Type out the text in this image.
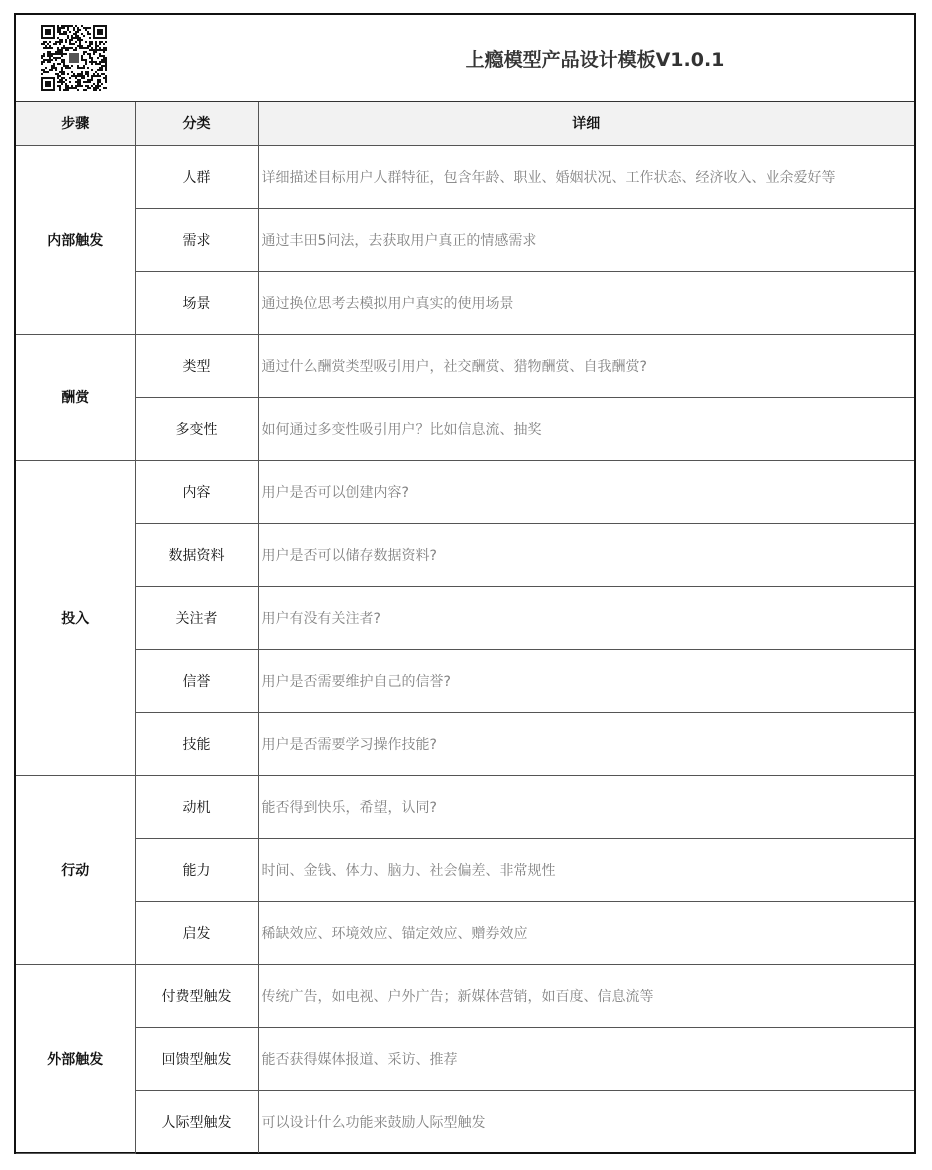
上瘾模型产品设计模板V1.0.1
步骤	分类	详细
内部触发	人群	详细描述目标用户人群特征，包含年龄、职业、婚姻状况、工作状态、经济收入、业余爱好等
	需求	通过丰田5问法，去获取用户真正的情感需求
	场景	通过换位思考去模拟用户真实的使用场景
酬赏	类型	通过什么酬赏类型吸引用户，社交酬赏、猎物酬赏、自我酬赏?
	多变性	如何通过多变性吸引用户？比如信息流、抽奖
投入	内容	用户是否可以创建内容?
	数据资料	用户是否可以储存数据资料?
	关注者	用户有没有关注者?
	信誉	用户是否需要维护自己的信誉?
	技能	用户是否需要学习操作技能?
行动	动机	能否得到快乐，希望，认同?
	能力	时间、金钱、体力、脑力、社会偏差、非常规性
	启发	稀缺效应、环境效应、锚定效应、赠券效应
外部触发	付费型触发	传统广告，如电视、户外广告；新媒体营销，如百度、信息流等
	回馈型触发	能否获得媒体报道、采访、推荐
	人际型触发	可以设计什么功能来鼓励人际型触发
